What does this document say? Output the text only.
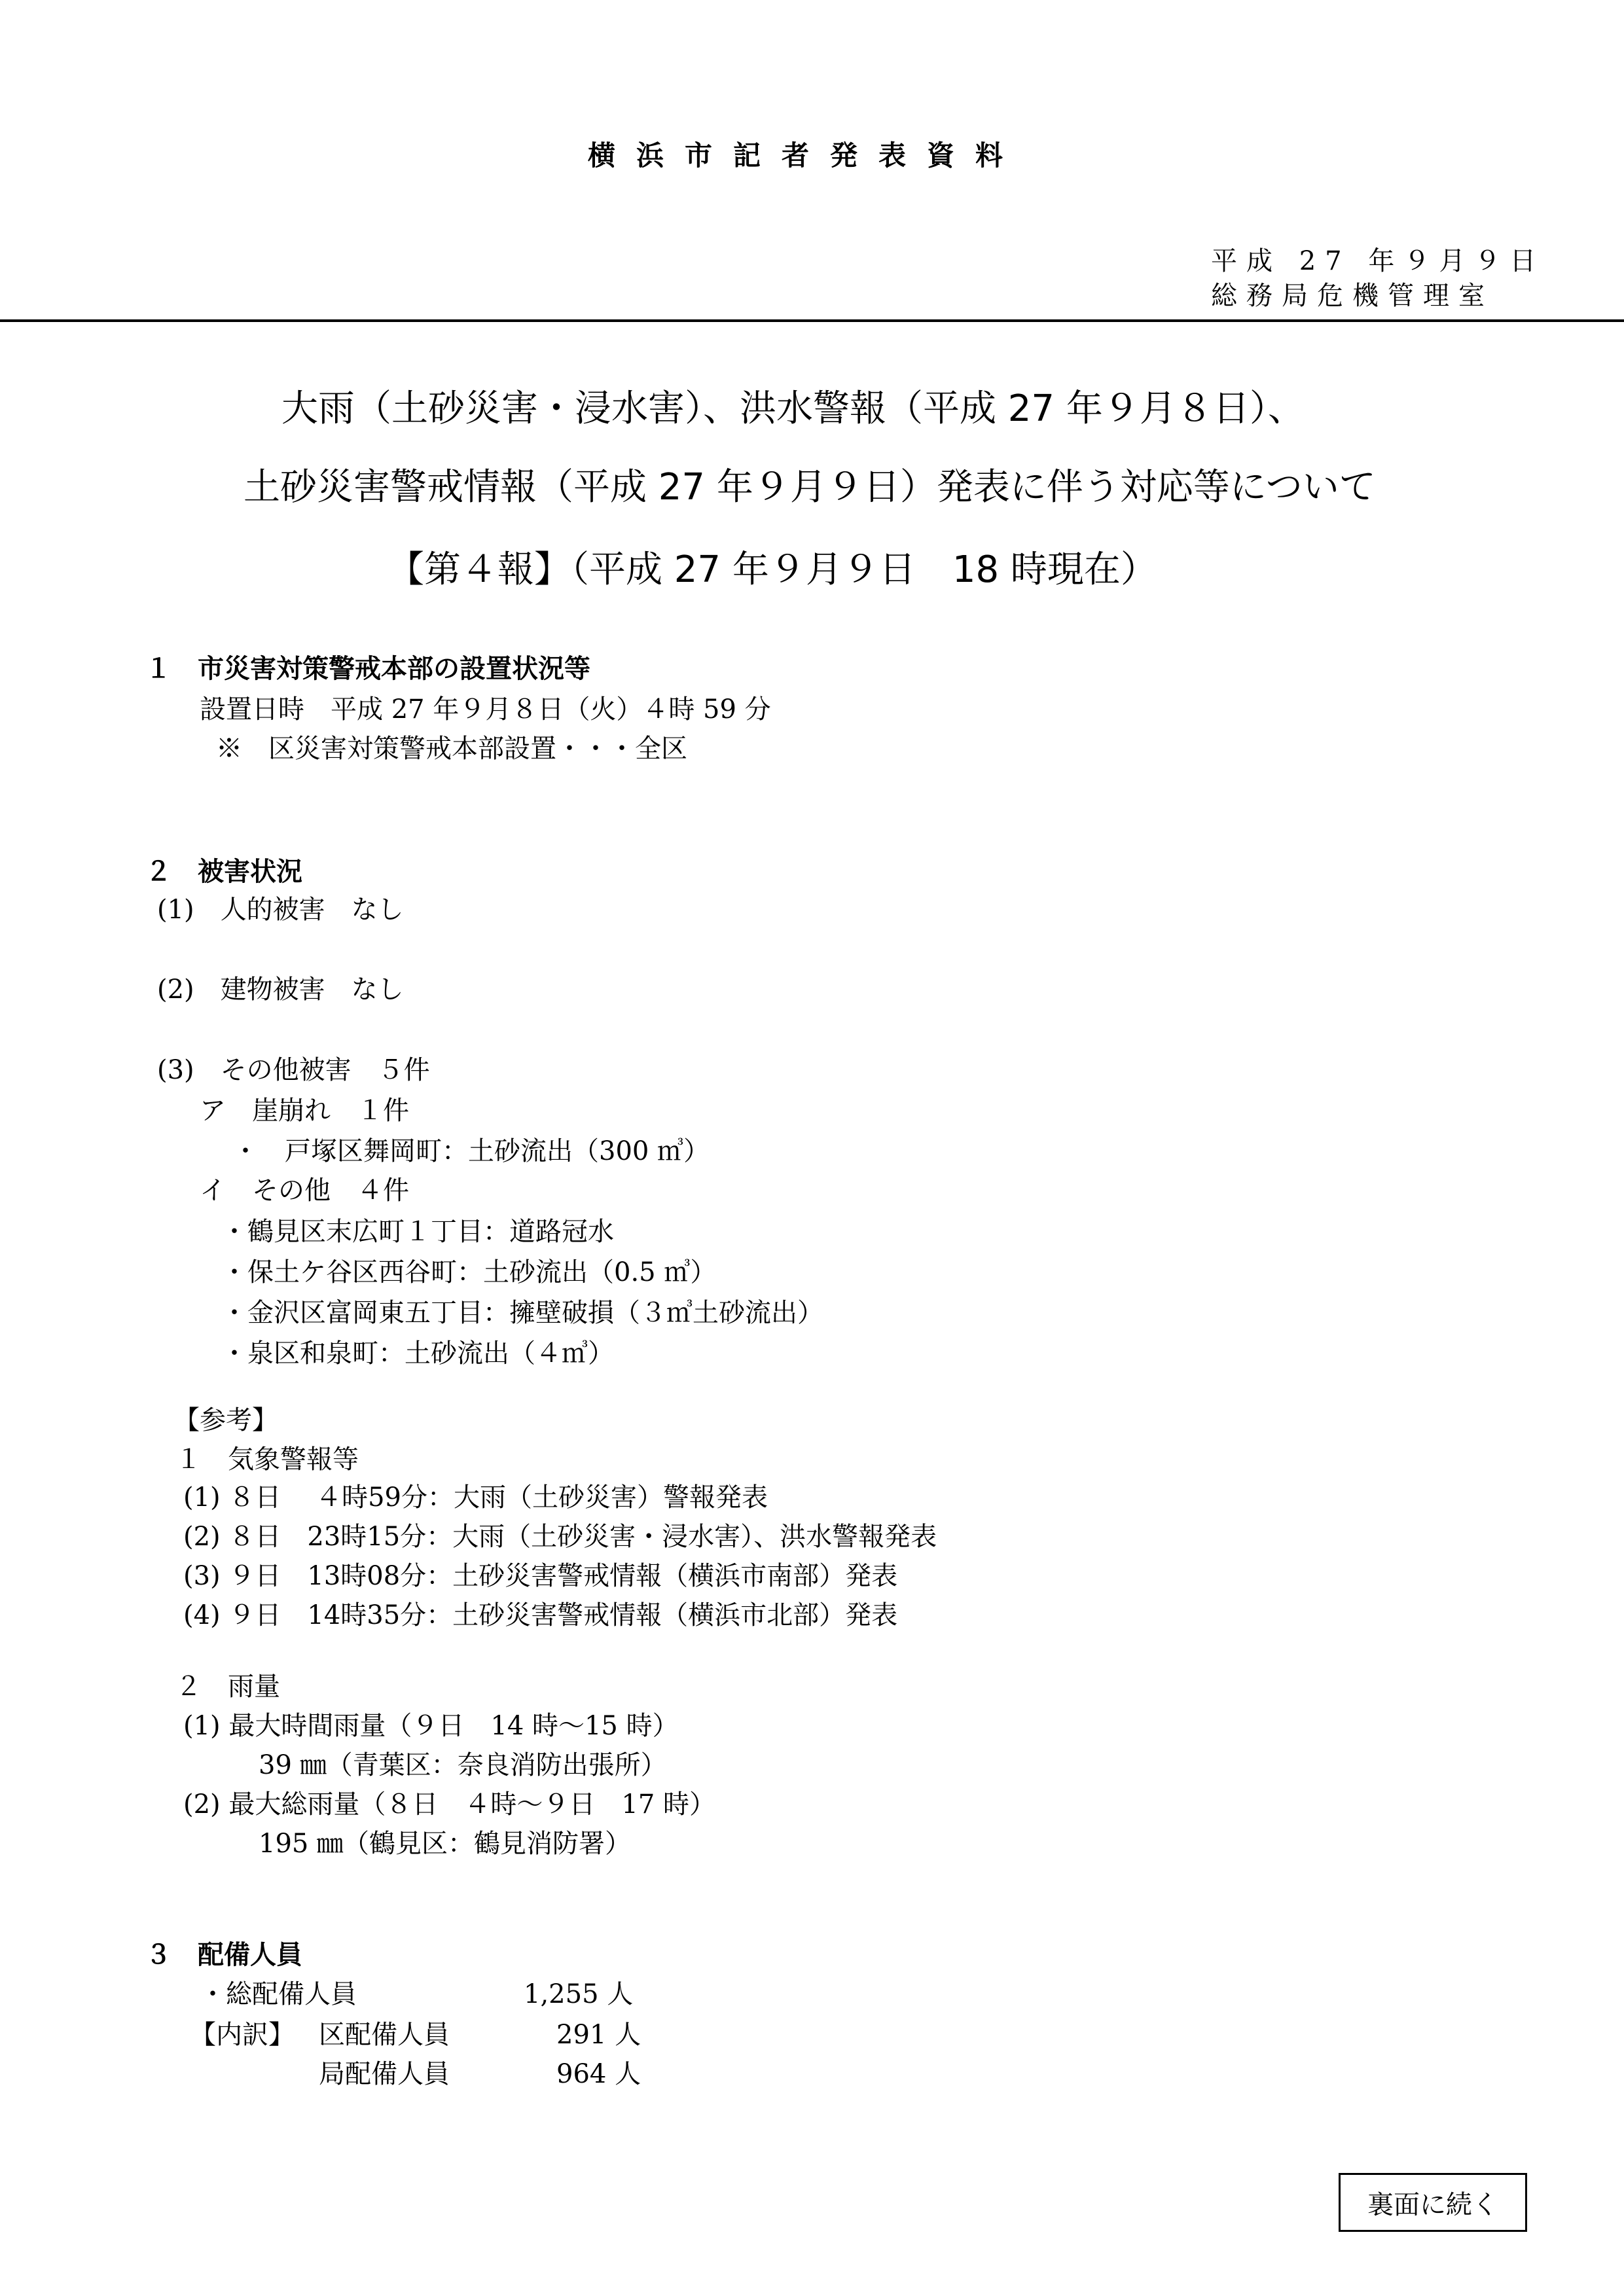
横浜市記者発表資料
平成 27 年９月９日
総務局危機管理室
大雨（土砂災害・浸水害）、洪水警報（平成 27 年９月８日）、
土砂災害警戒情報（平成 27 年９月９日）発表に伴う対応等について
【第４報】（平成 27 年９月９日　18 時現在）
１　市災害対策警戒本部の設置状況等
設置日時　平成 27 年９月８日（火）４時 59 分
※　区災害対策警戒本部設置・・・全区
２　被害状況
(1)　人的被害　なし
(2)　建物被害　なし
(3)　その他被害　５件
ア　崖崩れ　１件
・　戸塚区舞岡町：土砂流出（300 ㎥）
イ　その他　４件
・鶴見区末広町１丁目：道路冠水
・保土ケ谷区西谷町：土砂流出（0.5 ㎥）
・金沢区富岡東五丁目：擁壁破損（３㎥土砂流出）
・泉区和泉町：土砂流出（４㎥）
【参考】
１　気象警報等
(1) ８日　 ４時59分：大雨（土砂災害）警報発表
(2) ８日　23時15分：大雨（土砂災害・浸水害）、洪水警報発表
(3) ９日　13時08分：土砂災害警戒情報（横浜市南部）発表
(4) ９日　14時35分：土砂災害警戒情報（横浜市北部）発表
２　雨量
(1) 最大時間雨量（９日　14 時～15 時）
39 ㎜（青葉区：奈良消防出張所）
(2) 最大総雨量（８日　４時～９日　17 時）
195 ㎜（鶴見区：鶴見消防署）
３　配備人員
・総配備人員	1,255 人
【内訳】 区配備人員	291 人
局配備人員	964 人
裏面に続く
